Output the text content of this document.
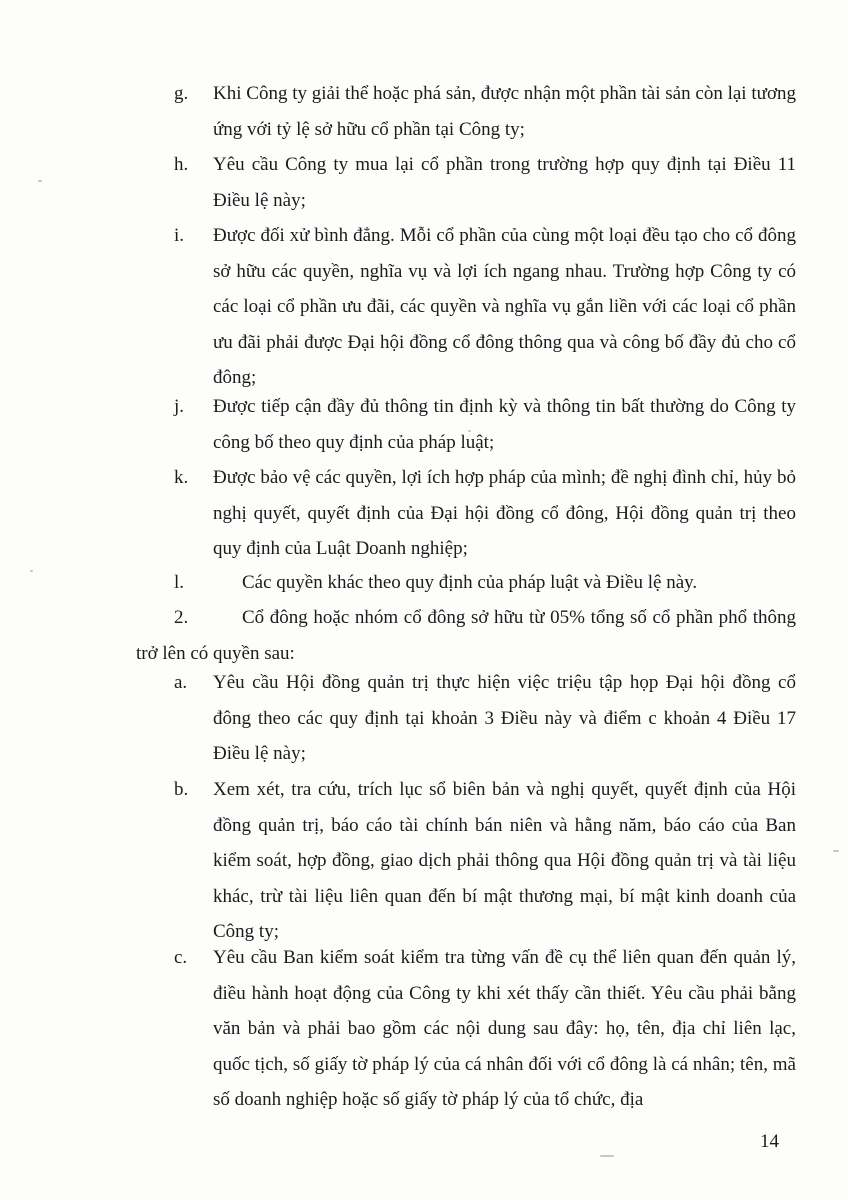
g. Khi Công ty giải thể hoặc phá sản, được nhận một phần tài sản còn lại tương ứng với tỷ lệ sở hữu cổ phần tại Công ty;
h. Yêu cầu Công ty mua lại cổ phần trong trường hợp quy định tại Điều 11 Điều lệ này;
i. Được đối xử bình đẳng. Mỗi cổ phần của cùng một loại đều tạo cho cổ đông sở hữu các quyền, nghĩa vụ và lợi ích ngang nhau. Trường hợp Công ty có các loại cổ phần ưu đãi, các quyền và nghĩa vụ gắn liền với các loại cổ phần ưu đãi phải được Đại hội đồng cổ đông thông qua và công bố đầy đủ cho cổ đông;
j. Được tiếp cận đầy đủ thông tin định kỳ và thông tin bất thường do Công ty công bố theo quy định của pháp luật;
k. Được bảo vệ các quyền, lợi ích hợp pháp của mình; đề nghị đình chỉ, hủy bỏ nghị quyết, quyết định của Đại hội đồng cổ đông, Hội đồng quản trị theo quy định của Luật Doanh nghiệp;
l.	Các quyền khác theo quy định của pháp luật và Điều lệ này.
2.	Cổ đông hoặc nhóm cổ đông sở hữu từ 05% tổng số cổ phần phổ thông trở lên có quyền sau:
a. Yêu cầu Hội đồng quản trị thực hiện việc triệu tập họp Đại hội đồng cổ đông theo các quy định tại khoản 3 Điều này và điểm c khoản 4 Điều 17 Điều lệ này;
b. Xem xét, tra cứu, trích lục sổ biên bản và nghị quyết, quyết định của Hội đồng quản trị, báo cáo tài chính bán niên và hằng năm, báo cáo của Ban kiểm soát, hợp đồng, giao dịch phải thông qua Hội đồng quản trị và tài liệu khác, trừ tài liệu liên quan đến bí mật thương mại, bí mật kinh doanh của Công ty;
c. Yêu cầu Ban kiểm soát kiểm tra từng vấn đề cụ thể liên quan đến quản lý, điều hành hoạt động của Công ty khi xét thấy cần thiết. Yêu cầu phải bằng văn bản và phải bao gồm các nội dung sau đây: họ, tên, địa chỉ liên lạc, quốc tịch, số giấy tờ pháp lý của cá nhân đối với cổ đông là cá nhân; tên, mã số doanh nghiệp hoặc số giấy tờ pháp lý của tổ chức, địa
14
